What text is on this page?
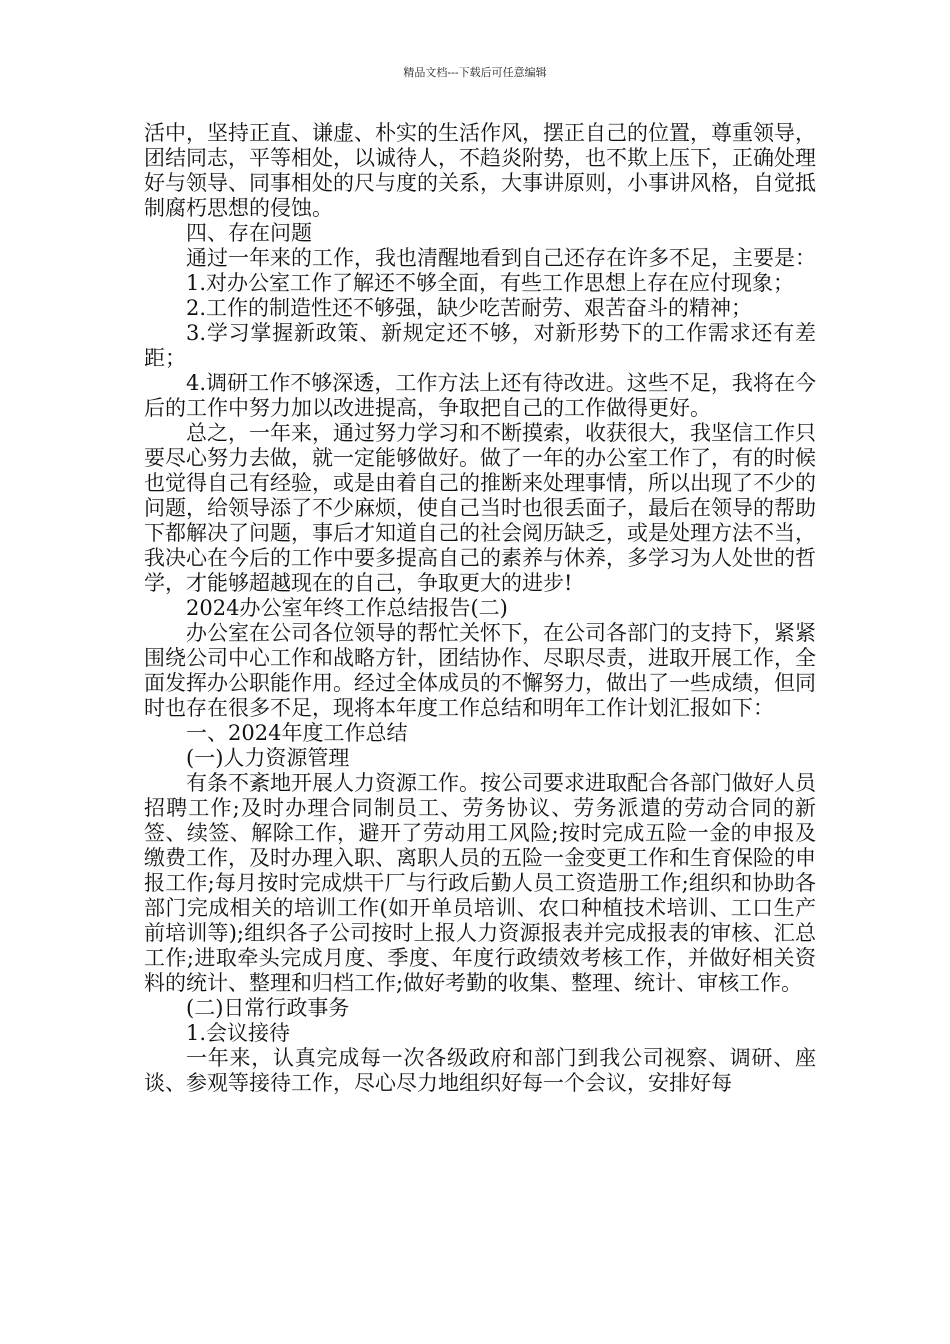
精品文档---下载后可任意编辑

活中，坚持正直、谦虚、朴实的生活作风，摆正自己的位置，尊重领导，团结同志，平等相处，以诚待人，不趋炎附势，也不欺上压下，正确处理好与领导、同事相处的尺与度的关系，大事讲原则，小事讲风格，自觉抵制腐朽思想的侵蚀。

四、存在问题

通过一年来的工作，我也清醒地看到自己还存在许多不足，主要是：

1.对办公室工作了解还不够全面，有些工作思想上存在应付现象；

2.工作的制造性还不够强，缺少吃苦耐劳、艰苦奋斗的精神；

3.学习掌握新政策、新规定还不够，对新形势下的工作需求还有差距；

4.调研工作不够深透，工作方法上还有待改进。这些不足，我将在今后的工作中努力加以改进提高，争取把自己的工作做得更好。

总之，一年来，通过努力学习和不断摸索，收获很大，我坚信工作只要尽心努力去做，就一定能够做好。做了一年的办公室工作了，有的时候也觉得自己有经验，或是由着自己的推断来处理事情，所以出现了不少的问题，给领导添了不少麻烦，使自己当时也很丢面子，最后在领导的帮助下都解决了问题，事后才知道自己的社会阅历缺乏，或是处理方法不当，我决心在今后的工作中要多提高自己的素养与休养，多学习为人处世的哲学，才能够超越现在的自己，争取更大的进步!

2024办公室年终工作总结报告(二)

办公室在公司各位领导的帮忙关怀下，在公司各部门的支持下，紧紧围绕公司中心工作和战略方针，团结协作、尽职尽责，进取开展工作，全面发挥办公职能作用。经过全体成员的不懈努力，做出了一些成绩，但同时也存在很多不足，现将本年度工作总结和明年工作计划汇报如下：

一、2024年度工作总结

(一)人力资源管理

有条不紊地开展人力资源工作。按公司要求进取配合各部门做好人员招聘工作;及时办理合同制员工、劳务协议、劳务派遣的劳动合同的新签、续签、解除工作，避开了劳动用工风险;按时完成五险一金的申报及缴费工作，及时办理入职、离职人员的五险一金变更工作和生育保险的申报工作;每月按时完成烘干厂与行政后勤人员工资造册工作;组织和协助各部门完成相关的培训工作(如开单员培训、农口种植技术培训、工口生产前培训等);组织各子公司按时上报人力资源报表并完成报表的审核、汇总工作;进取牵头完成月度、季度、年度行政绩效考核工作，并做好相关资料的统计、整理和归档工作;做好考勤的收集、整理、统计、审核工作。

(二)日常行政事务

1.会议接待

一年来，认真完成每一次各级政府和部门到我公司视察、调研、座谈、参观等接待工作，尽心尽力地组织好每一个会议，安排好每
